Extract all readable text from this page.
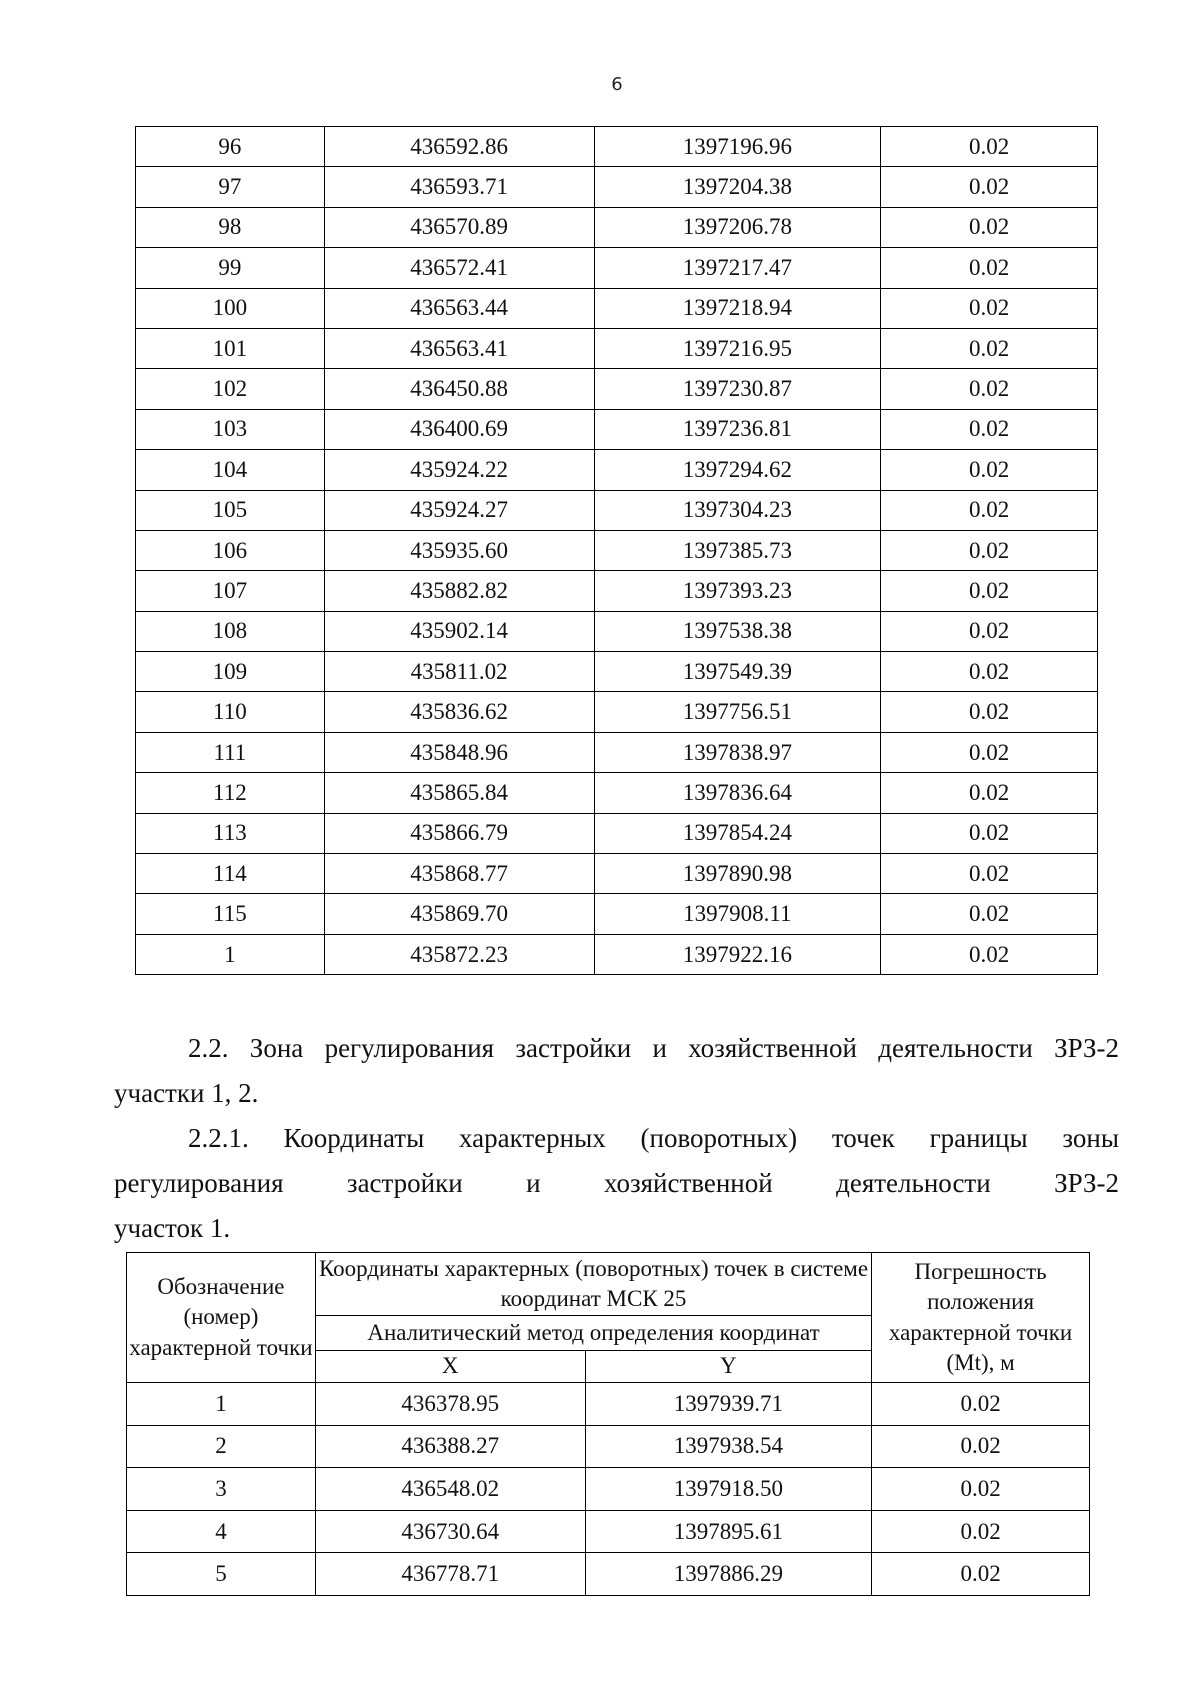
6
96	436592.86	1397196.96	0.02
97	436593.71	1397204.38	0.02
98	436570.89	1397206.78	0.02
99	436572.41	1397217.47	0.02
100	436563.44	1397218.94	0.02
101	436563.41	1397216.95	0.02
102	436450.88	1397230.87	0.02
103	436400.69	1397236.81	0.02
104	435924.22	1397294.62	0.02
105	435924.27	1397304.23	0.02
106	435935.60	1397385.73	0.02
107	435882.82	1397393.23	0.02
108	435902.14	1397538.38	0.02
109	435811.02	1397549.39	0.02
110	435836.62	1397756.51	0.02
111	435848.96	1397838.97	0.02
112	435865.84	1397836.64	0.02
113	435866.79	1397854.24	0.02
114	435868.77	1397890.98	0.02
115	435869.70	1397908.11	0.02
1	435872.23	1397922.16	0.02
2.2. Зона регулирования застройки и хозяйственной деятельности ЗРЗ-2
участки 1, 2.
2.2.1. Координаты характерных (поворотных) точек границы зоны
регулирования застройки и хозяйственной деятельности ЗРЗ-2
участок 1.
Обозначение (номер) характерной точки	Координаты характерных (поворотных) точек в системе координат МСК 25		Погрешность положения характерной точки (Mt), м
	Аналитический метод определения координат		
	X	Y	
1	436378.95	1397939.71	0.02
2	436388.27	1397938.54	0.02
3	436548.02	1397918.50	0.02
4	436730.64	1397895.61	0.02
5	436778.71	1397886.29	0.02
